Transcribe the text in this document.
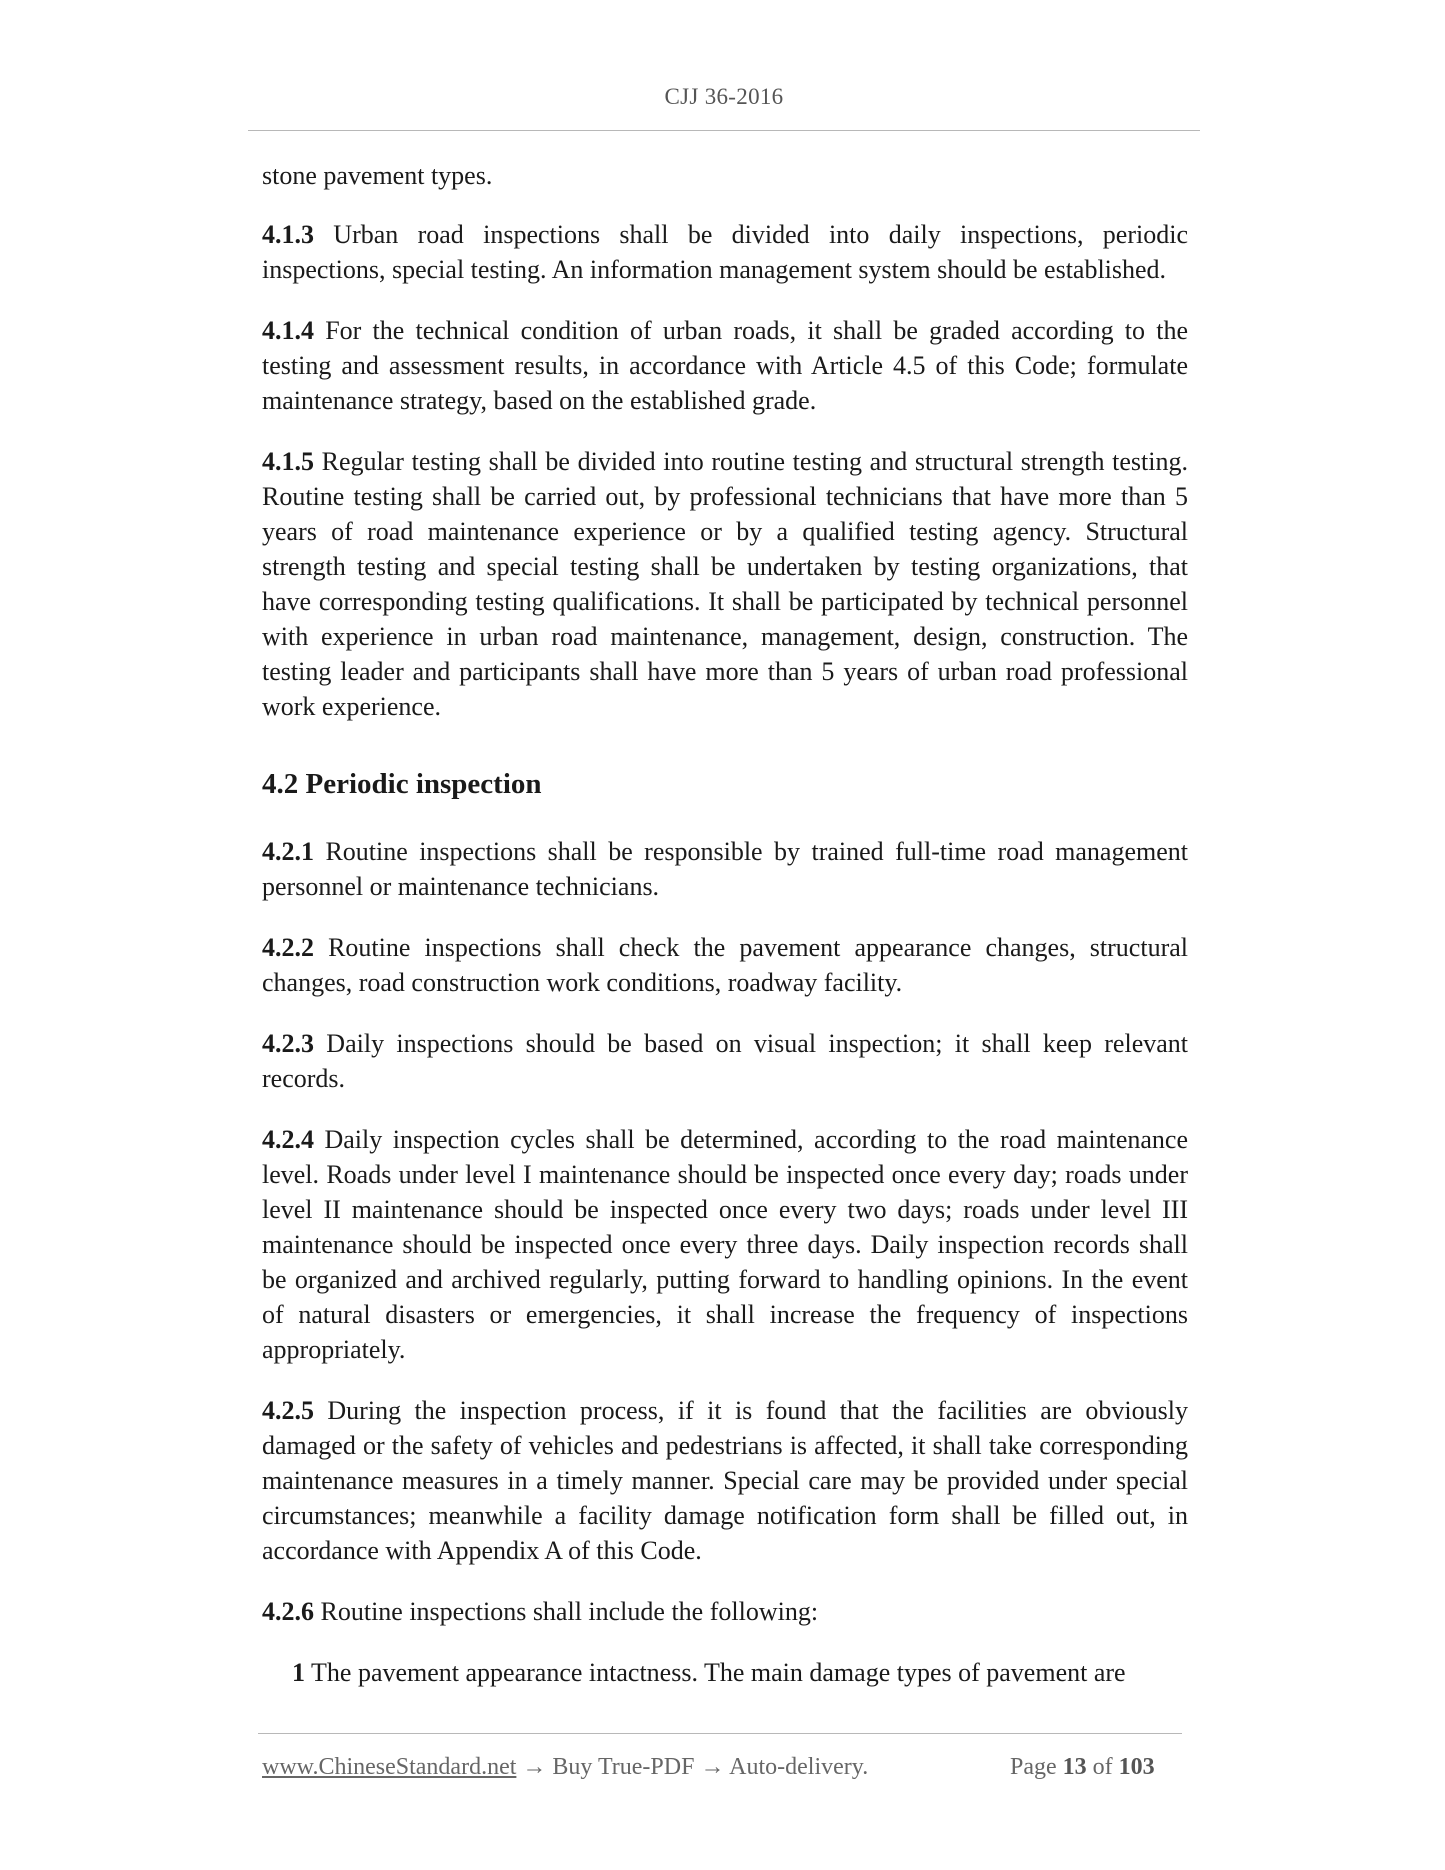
CJJ 36-2016

stone pavement types.

4.1.3 Urban road inspections shall be divided into daily inspections, periodic inspections, special testing. An information management system should be established.

4.1.4 For the technical condition of urban roads, it shall be graded according to the testing and assessment results, in accordance with Article 4.5 of this Code; formulate maintenance strategy, based on the established grade.

4.1.5 Regular testing shall be divided into routine testing and structural strength testing. Routine testing shall be carried out, by professional technicians that have more than 5 years of road maintenance experience or by a qualified testing agency. Structural strength testing and special testing shall be undertaken by testing organizations, that have corresponding testing qualifications. It shall be participated by technical personnel with experience in urban road maintenance, management, design, construction. The testing leader and participants shall have more than 5 years of urban road professional work experience.

4.2 Periodic inspection

4.2.1 Routine inspections shall be responsible by trained full-time road management personnel or maintenance technicians.

4.2.2 Routine inspections shall check the pavement appearance changes, structural changes, road construction work conditions, roadway facility.

4.2.3 Daily inspections should be based on visual inspection; it shall keep relevant records.

4.2.4 Daily inspection cycles shall be determined, according to the road maintenance level. Roads under level I maintenance should be inspected once every day; roads under level II maintenance should be inspected once every two days; roads under level III maintenance should be inspected once every three days. Daily inspection records shall be organized and archived regularly, putting forward to handling opinions. In the event of natural disasters or emergencies, it shall increase the frequency of inspections appropriately.

4.2.5 During the inspection process, if it is found that the facilities are obviously damaged or the safety of vehicles and pedestrians is affected, it shall take corresponding maintenance measures in a timely manner. Special care may be provided under special circumstances; meanwhile a facility damage notification form shall be filled out, in accordance with Appendix A of this Code.

4.2.6 Routine inspections shall include the following:

1 The pavement appearance intactness. The main damage types of pavement are

www.ChineseStandard.net → Buy True-PDF → Auto-delivery.	Page 13 of 103
